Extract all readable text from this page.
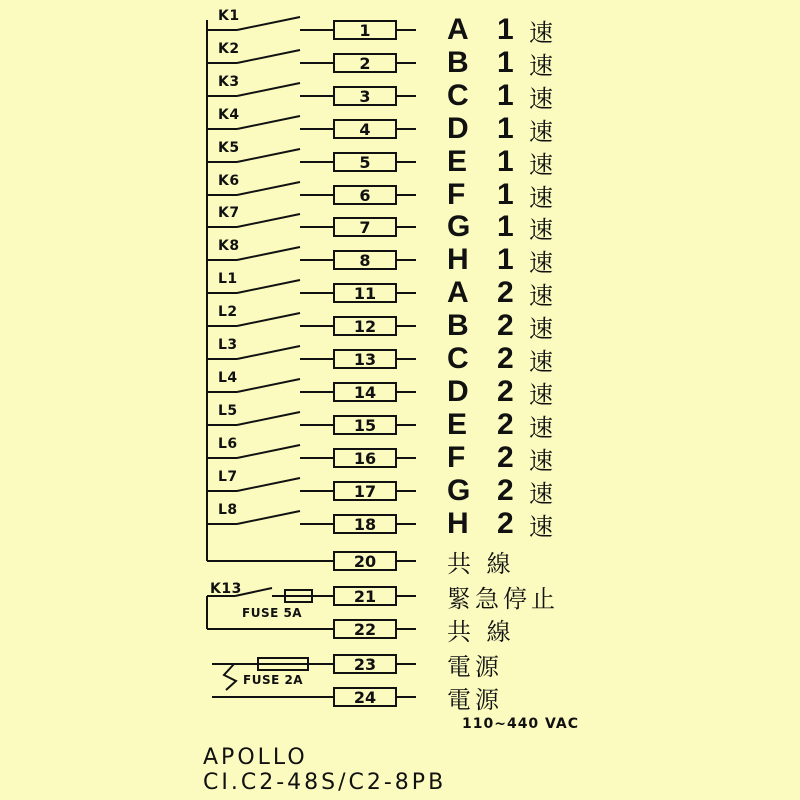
K1
1	A 1 速
K2
2	B 1 速
K3
3	C 1 速
K4
4	D 1 速
K5
5	E 1 速
K6
6	F	1 速
K7
7	G 1 速
K8
8	H 1 速
L1
11	A 2 速
L2
12	B 2 速
L3
13	C 2 速
L4
14	D 2 速
L5
15	E 2 速
L6
16	F	2 速
L7
17	G 2 速
L8
18	H 2 速
20	共 線
K13
FUSE 5A
21	緊急停止
22	共 線
FUSE 2A
23	電源
24	電源
110~440 VAC
APOLLO
CI.C2-48S/C2-8PB
